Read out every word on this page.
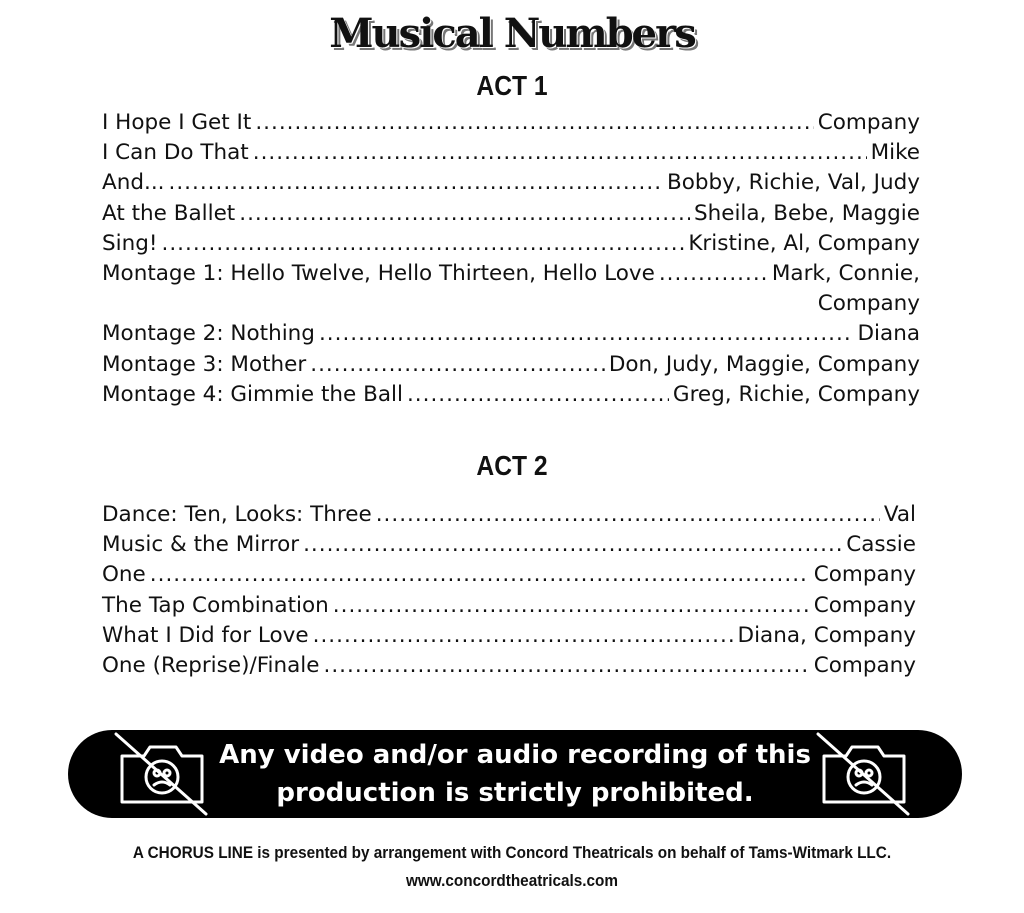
Musical Numbers
ACT 1
I Hope I Get It .....	Company
I Can Do That .....	Mike
And... .....	Bobby, Richie, Val, Judy
At the Ballet .....	Sheila, Bebe, Maggie
Sing! .....	Kristine, Al, Company
Montage 1: Hello Twelve, Hello Thirteen, Hello Love .....	Mark, Connie,
Company
Montage 2: Nothing .....	Diana
Montage 3: Mother .....	Don, Judy, Maggie, Company
Montage 4: Gimmie the Ball .....	Greg, Richie, Company
ACT 2
Dance: Ten, Looks: Three .....	Val
Music & the Mirror .....	Cassie
One .....	Company
The Tap Combination .....	Company
What I Did for Love .....	Diana, Company
One (Reprise)/Finale .....	Company
Any video and/or audio recording of this
production is strictly prohibited.
A CHORUS LINE is presented by arrangement with Concord Theatricals on behalf of Tams-Witmark LLC.
www.concordtheatricals.com
